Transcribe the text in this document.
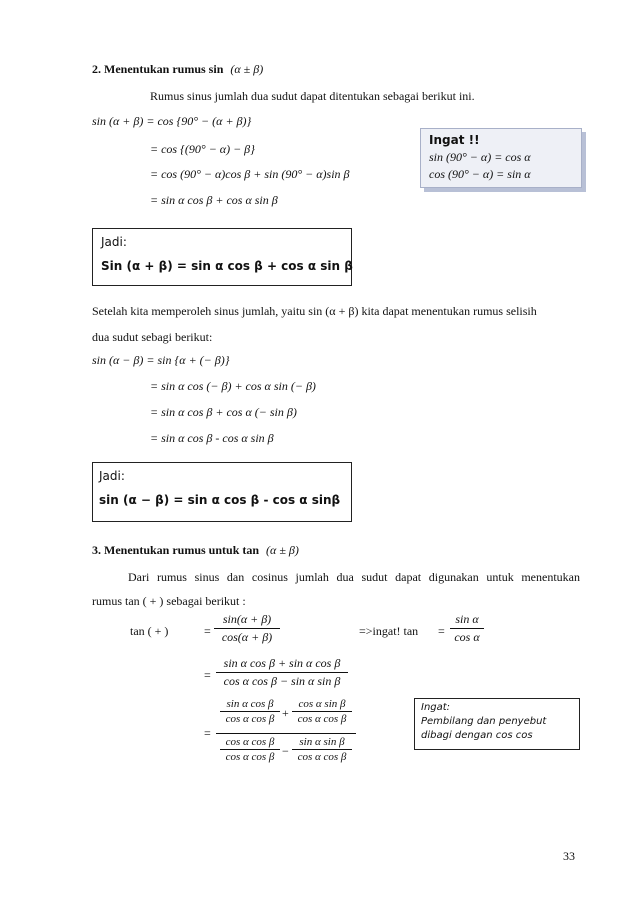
2. Menentukan rumus sin (α ± β)
Rumus sinus jumlah dua sudut dapat ditentukan sebagai berikut ini.
sin (α + β) = cos {90° − (α + β)}
= cos {(90° − α) − β}
= cos (90° − α)cos β + sin (90° − α)sin β
= sin α cos β + cos α sin β
Ingat !!
sin (90° − α) = cos α
cos (90° − α) = sin α
Jadi:
Sin (α + β) = sin α cos β + cos α sin β
Setelah kita memperoleh sinus jumlah, yaitu sin (α + β) kita dapat menentukan rumus selisih
dua sudut sebagi berikut:
sin (α − β) = sin {α + (− β)}
= sin α cos (− β) + cos α sin (− β)
= sin α cos β + cos α (− sin β)
= sin α cos β - cos α sin β
Jadi:
sin (α − β) = sin α cos β - cos α sinβ
3. Menentukan rumus untuk tan (α ± β)
Dari rumus sinus dan cosinus jumlah dua sudut dapat digunakan untuk menentukan
rumus tan ( + ) sebagai berikut :
tan ( + )	=
sin(α + β)
cos(α + β)	=>ingat! tan =
sin α
cos α
=
sin α cos β + sin α cos β
cos α cos β − sin α sin β
=
sin α cos β
cos α cos β +
cos α sin β
cos α cos β
cos α cos β
cos α cos β −
sin α sin β
cos α cos β
Ingat:
Pembilang dan penyebut
dibagi dengan cos cos
33
